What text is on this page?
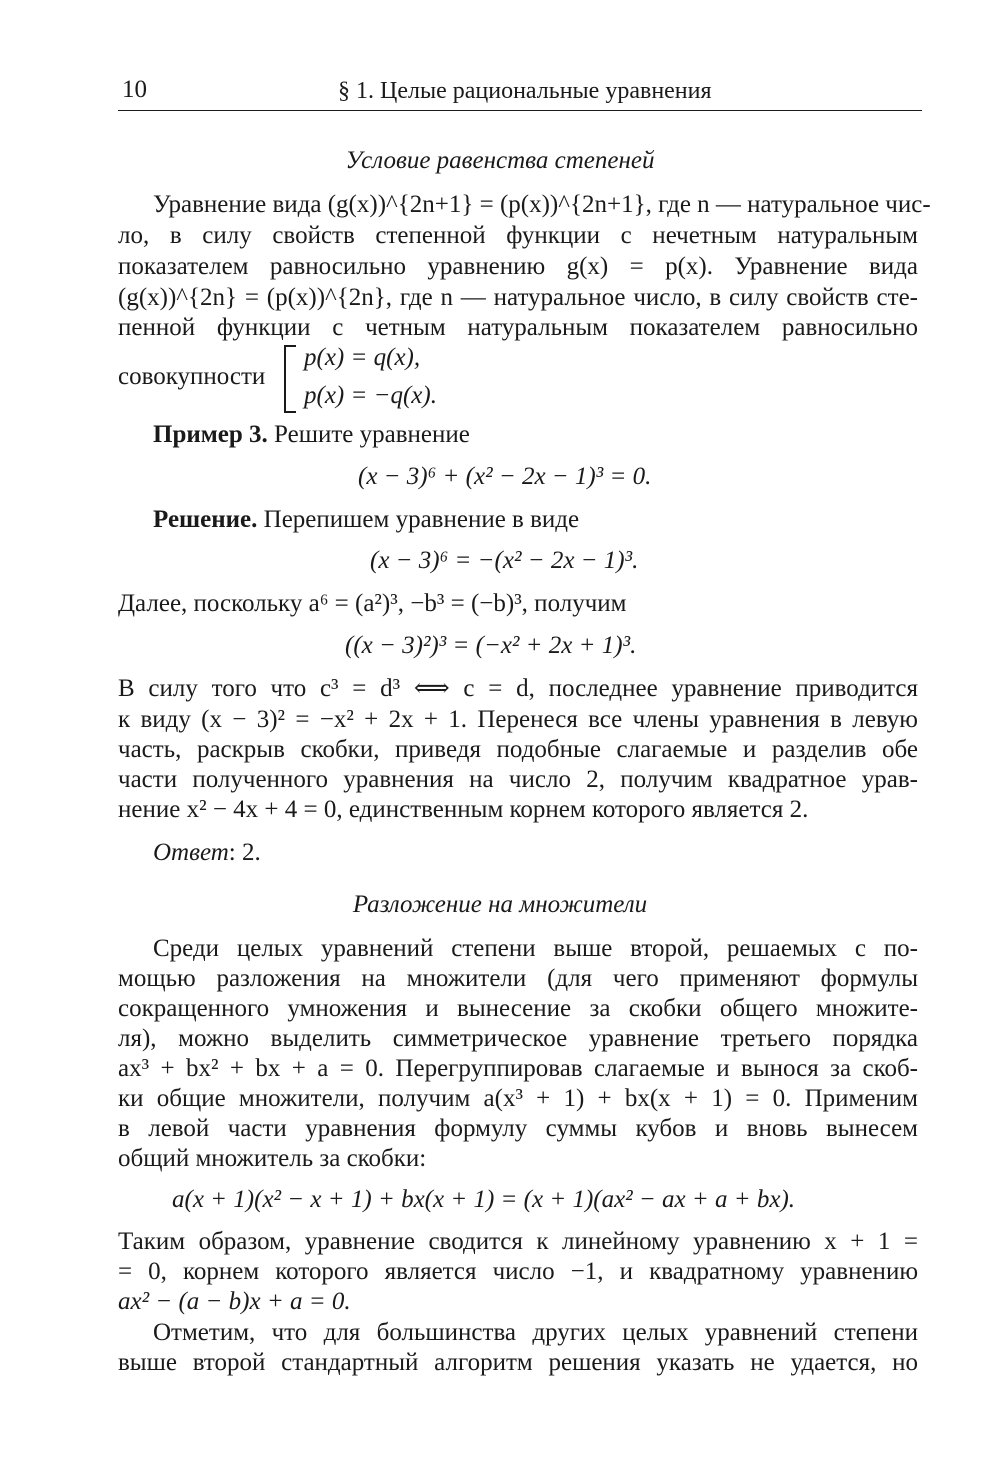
10	§ 1. Целые рациональные уравнения
Условие равенства степеней
Уравнение вида (g(x))^{2n+1} = (p(x))^{2n+1}, где n — натуральное чис-
ло, в силу свойств степенной функции с нечетным натуральным
показателем равносильно уравнению g(x) = p(x). Уравнение вида
(g(x))^{2n} = (p(x))^{2n}, где n — натуральное число, в силу свойств сте-
пенной функции с четным натуральным показателем равносильно
совокупности
p(x) = q(x),
p(x) = −q(x).
Пример 3. Решите уравнение
(x − 3)⁶ + (x² − 2x − 1)³ = 0.
Решение. Перепишем уравнение в виде
(x − 3)⁶ = −(x² − 2x − 1)³.
Далее, поскольку a⁶ = (a²)³, −b³ = (−b)³, получим
((x − 3)²)³ = (−x² + 2x + 1)³.
В силу того что c³ = d³ ⟺ c = d, последнее уравнение приводится
к виду (x − 3)² = −x² + 2x + 1. Перенеся все члены уравнения в левую
часть, раскрыв скобки, приведя подобные слагаемые и разделив обе
части полученного уравнения на число 2, получим квадратное урав-
нение x² − 4x + 4 = 0, единственным корнем которого является 2.
Ответ: 2.
Разложение на множители
Среди целых уравнений степени выше второй, решаемых с по-
мощью разложения на множители (для чего применяют формулы
сокращенного умножения и вынесение за скобки общего множите-
ля), можно выделить симметрическое уравнение третьего порядка
ax³ + bx² + bx + a = 0. Перегруппировав слагаемые и вынося за скоб-
ки общие множители, получим a(x³ + 1) + bx(x + 1) = 0. Применим
в левой части уравнения формулу суммы кубов и вновь вынесем
общий множитель за скобки:
a(x + 1)(x² − x + 1) + bx(x + 1) = (x + 1)(ax² − ax + a + bx).
Таким образом, уравнение сводится к линейному уравнению x + 1 =
= 0, корнем которого является число −1, и квадратному уравнению
ax² − (a − b)x + a = 0.
Отметим, что для большинства других целых уравнений степени
выше второй стандартный алгоритм решения указать не удается, но
